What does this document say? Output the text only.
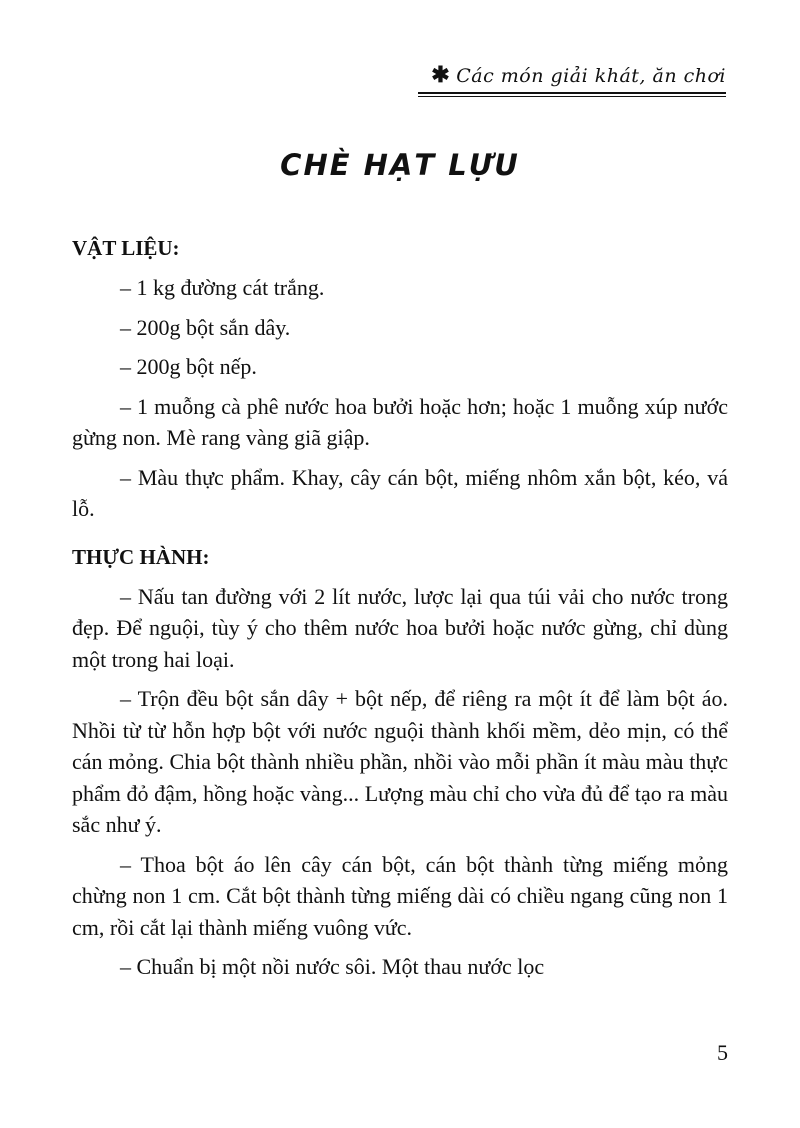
✱ Các món giải khát, ăn chơi
CHÈ HẠT LỰU
VẬT LIỆU:

– 1 kg đường cát trắng.

– 200g bột sắn dây.

– 200g bột nếp.

– 1 muỗng cà phê nước hoa bưởi hoặc hơn; hoặc 1 muỗng xúp nước gừng non. Mè rang vàng giã giập.

– Màu thực phẩm. Khay, cây cán bột, miếng nhôm xắn bột, kéo, vá lỗ.

THỰC HÀNH:

– Nấu tan đường với 2 lít nước, lược lại qua túi vải cho nước trong đẹp. Để nguội, tùy ý cho thêm nước hoa bưởi hoặc nước gừng, chỉ dùng một trong hai loại.

– Trộn đều bột sắn dây + bột nếp, để riêng ra một ít để làm bột áo. Nhồi từ từ hỗn hợp bột với nước nguội thành khối mềm, dẻo mịn, có thể cán mỏng. Chia bột thành nhiều phần, nhồi vào mỗi phần ít màu màu thực phẩm đỏ đậm, hồng hoặc vàng... Lượng màu chỉ cho vừa đủ để tạo ra màu sắc như ý.

– Thoa bột áo lên cây cán bột, cán bột thành từng miếng mỏng chừng non 1 cm. Cắt bột thành từng miếng dài có chiều ngang cũng non 1 cm, rồi cắt lại thành miếng vuông vức.

– Chuẩn bị một nồi nước sôi. Một thau nước lọc

5
